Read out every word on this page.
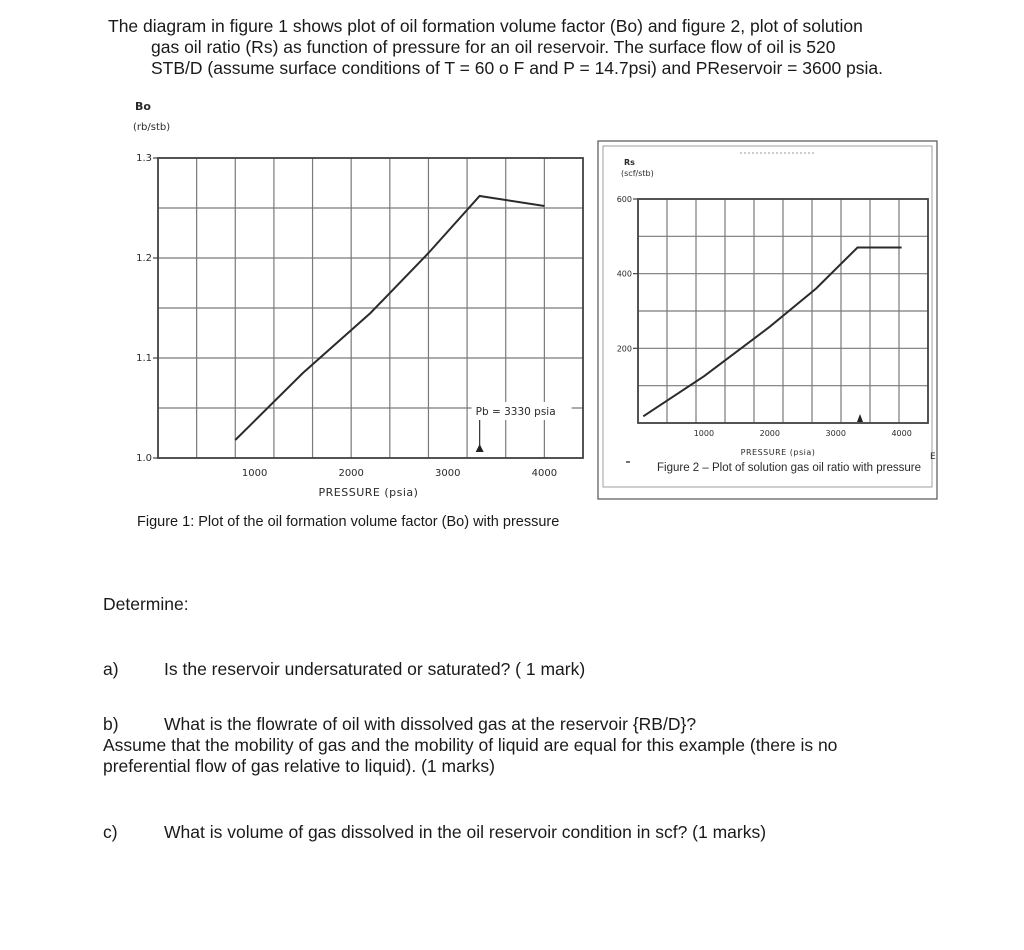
The diagram in figure 1 shows plot of oil formation volume factor (Bo) and figure 2, plot of solution
gas oil ratio (Rs) as function of pressure for an oil reservoir. The surface flow of oil is 520
STB/D (assume surface conditions of T = 60 o F and P = 14.7psi) and PReservoir = 3600 psia.
1.0
1.1
1.2
1.3
1000	2000	3000	4000
Bo
(rb/stb)
PRESSURE (psia)
Pb = 3330 psia
200
400
600
1000	2000	3000	4000
Rs
(scf/stb)
PRESSURE (psia)
Figure 2 – Plot of solution gas oil ratio with pressure
E
Figure 1: Plot of the oil formation volume factor (Bo) with pressure
Determine:
a)	Is the reservoir undersaturated or saturated? ( 1 mark)
b)	What is the flowrate of oil with dissolved gas at the reservoir {RB/D}?
Assume that the mobility of gas and the mobility of liquid are equal for this example (there is no
preferential flow of gas relative to liquid). (1 marks)
c)	What is volume of gas dissolved in the oil reservoir condition in scf? (1 marks)
